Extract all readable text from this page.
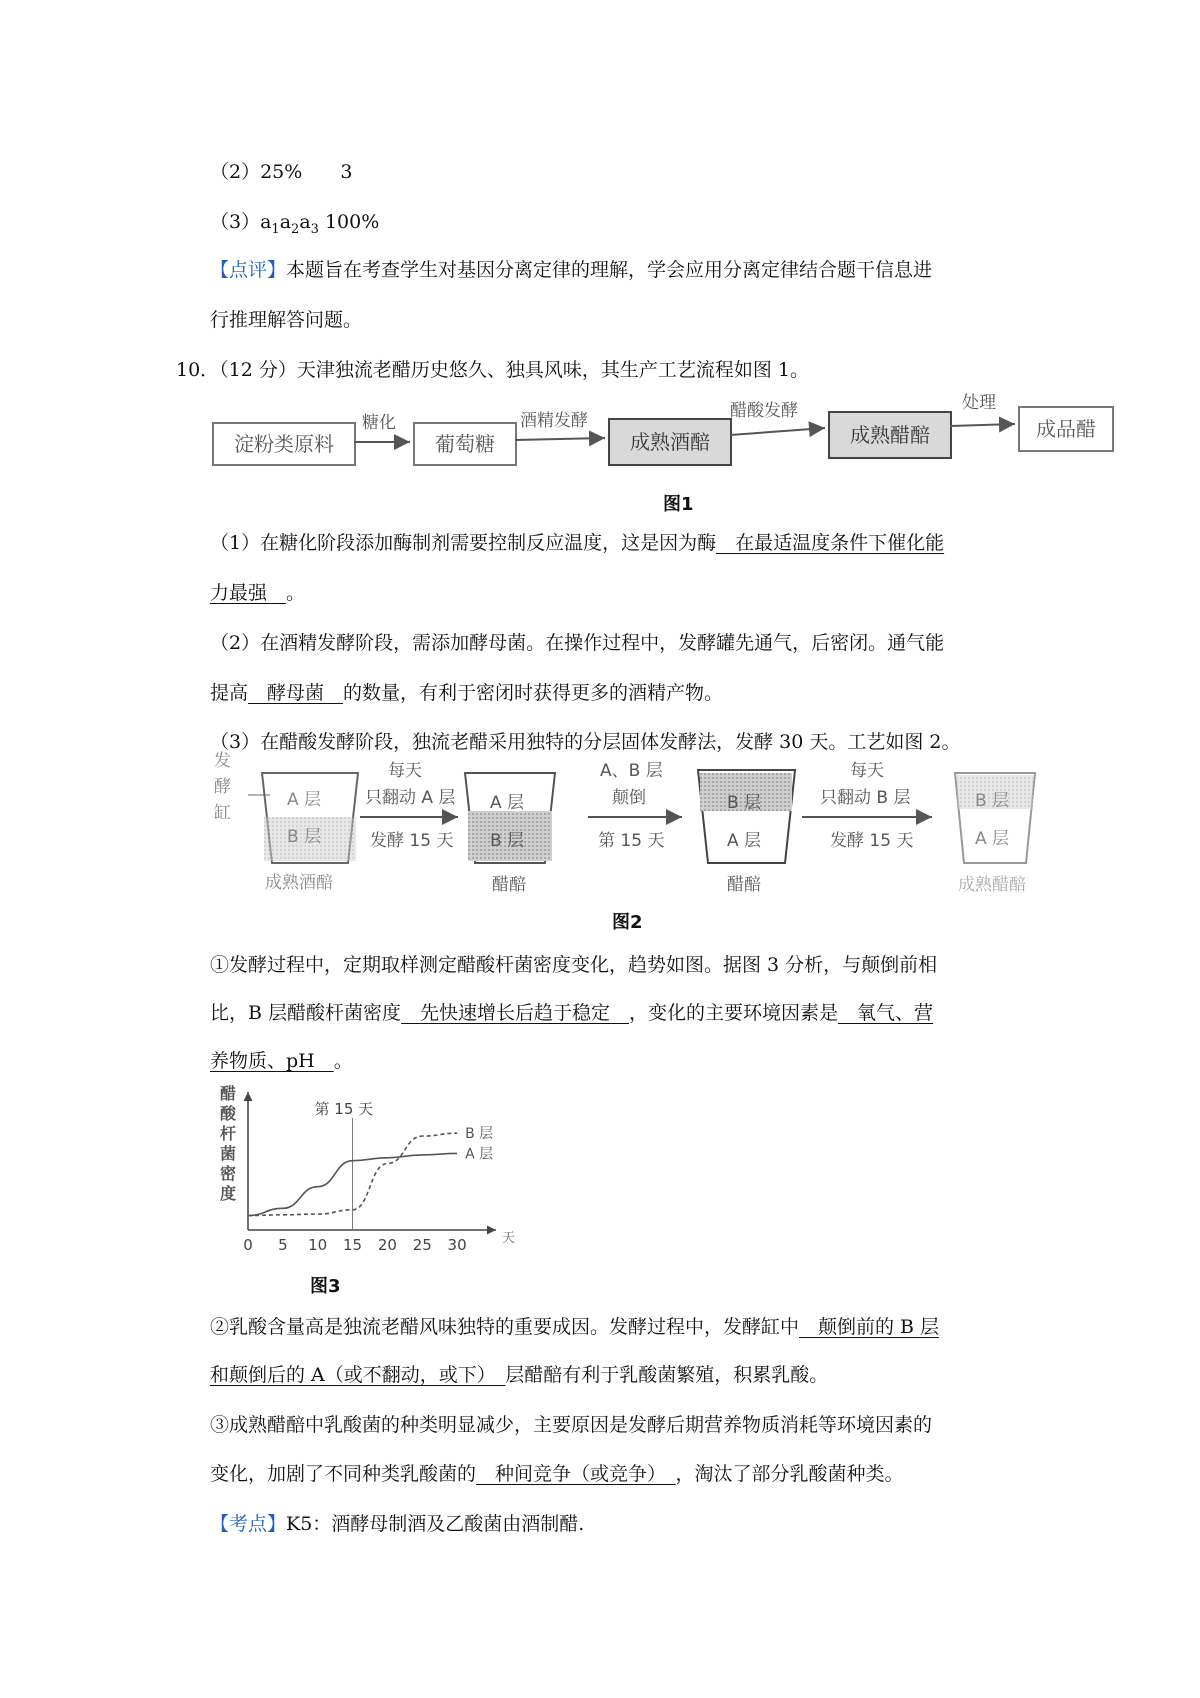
（2）25%　　3
$(3)a_1a_2a_3$ 100%
【点评】本题旨在考查学生对基因分离定律的理解，学会应用分离定律结合题干信息进
行推理解答问题。
10．（12 分）天津独流老醋历史悠久、独具风味，其生产工艺流程如图 1。
淀粉类原料	葡萄糖	成熟酒醅	成熟醋醅	成品醋
糖化	酒精发酵	醋酸发酵	处理
图1
（1）在糖化阶段添加酶制剂需要控制反应温度，这是因为酶　在最适温度条件下催化能
力最强　。
（2）在酒精发酵阶段，需添加酵母菌。在操作过程中，发酵罐先通气，后密闭。通气能
提高　酵母菌　的数量，有利于密闭时获得更多的酒精产物。
（3）在醋酸发酵阶段，独流老醋采用独特的分层固体发酵法，发酵 30 天。工艺如图 2。
发酵缸
A 层
B 层
成熟酒醅
每天
只翻动 A 层
发酵 15 天
A 层
B 层
醋醅
A、B 层
颠倒
第 15 天
B 层
A 层
醋醅
每天
只翻动 B 层
发酵 15 天
B 层
A 层
成熟醋醅
图2
①发酵过程中，定期取样测定醋酸杆菌密度变化，趋势如图。据图 3 分析，与颠倒前相
比，B 层醋酸杆菌密度　先快速增长后趋于稳定　，变化的主要环境因素是　氧气、营
养物质、pH　。
0 5 10 15 20 25 30	天
第 15 天
A 层
B 层
醋酸杆菌密度
图3
②乳酸含量高是独流老醋风味独特的重要成因。发酵过程中，发酵缸中　颠倒前的 B 层
和颠倒后的 A（或不翻动，或下）　层醋醅有利于乳酸菌繁殖，积累乳酸。
③成熟醋醅中乳酸菌的种类明显减少，主要原因是发酵后期营养物质消耗等环境因素的
变化，加剧了不同种类乳酸菌的　种间竞争（或竞争）　，淘汰了部分乳酸菌种类。
【考点】K5：酒酵母制酒及乙酸菌由酒制醋.
